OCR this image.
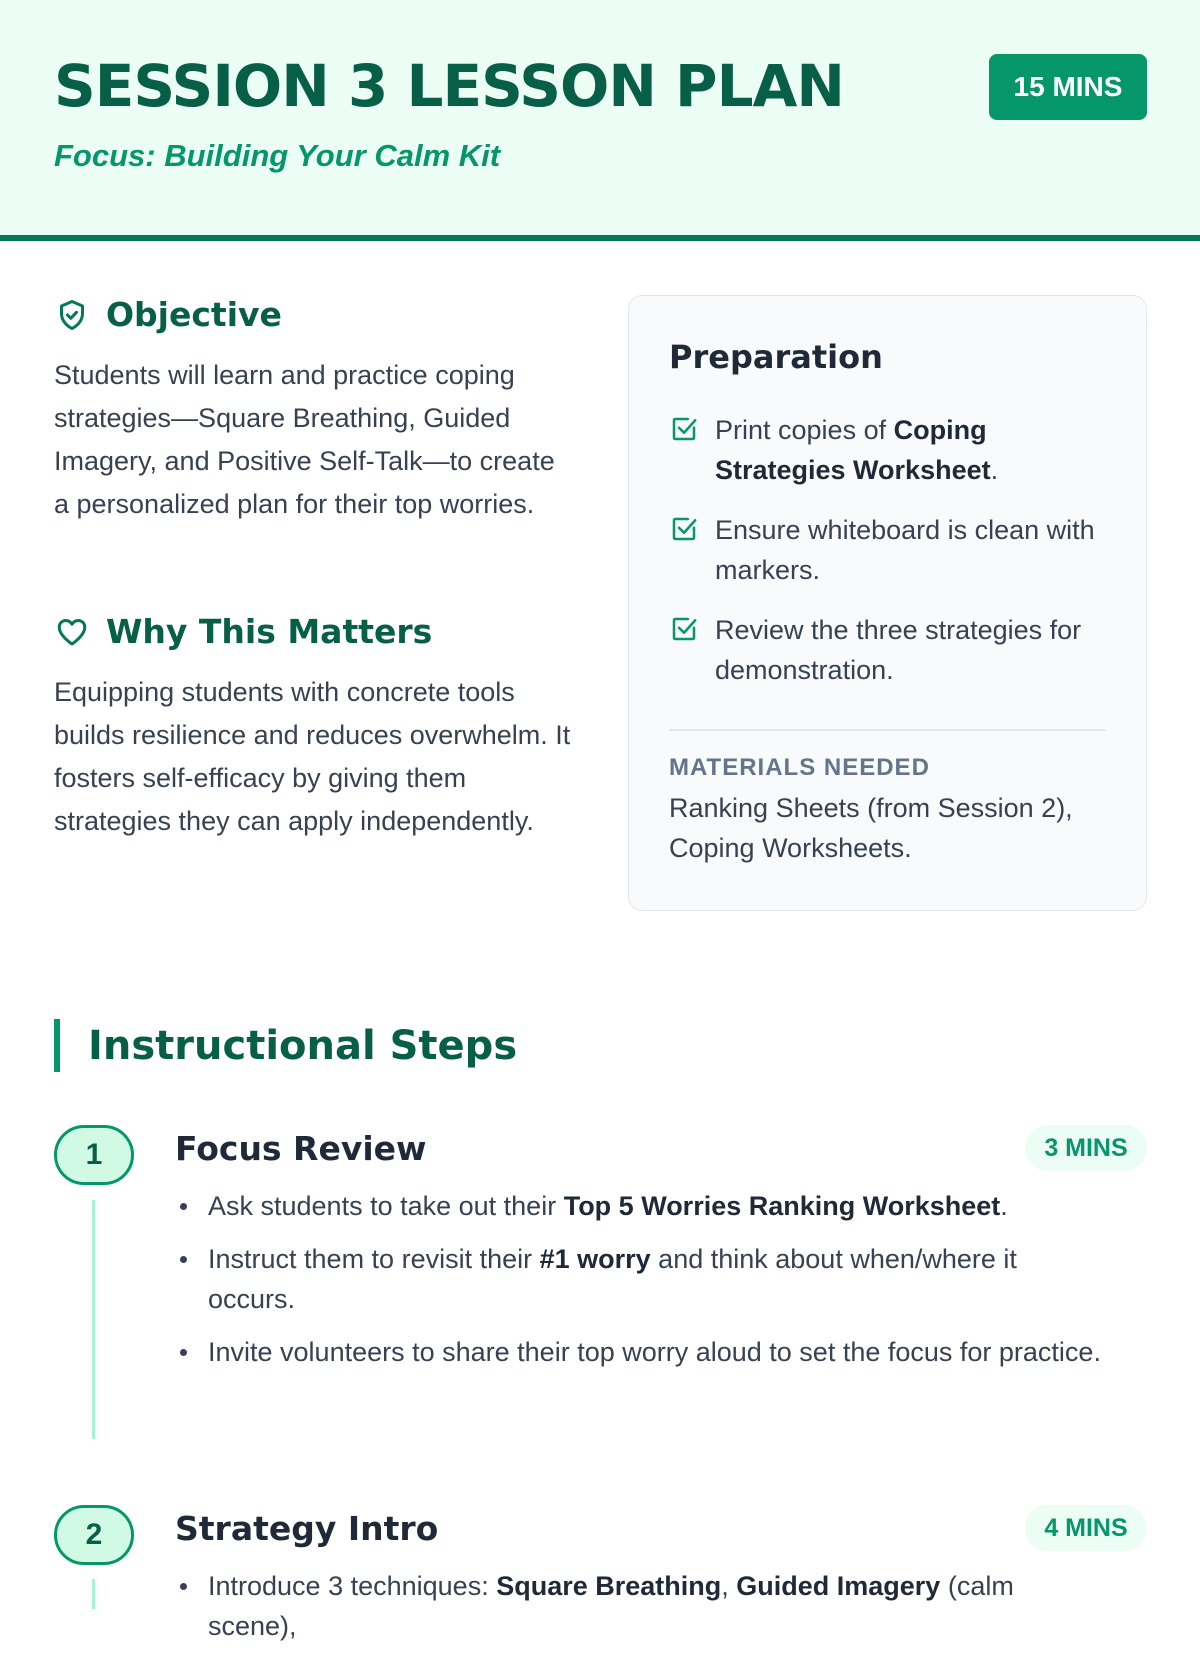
SESSION 3 LESSON PLAN
Focus: Building Your Calm Kit
15 MINS
Objective

Students will learn and practice coping strategies—Square Breathing, Guided Imagery, and Positive Self-Talk—to create a personalized plan for their top worries.

Why This Matters

Equipping students with concrete tools builds resilience and reduces overwhelm. It fosters self-efficacy by giving them strategies they can apply independently.

Preparation
Print copies of Coping Strategies Worksheet.
Ensure whiteboard is clean with markers.
Review the three strategies for demonstration.
MATERIALS NEEDED
Ranking Sheets (from Session 2), Coping Worksheets.
Instructional Steps
1	Focus Review	3 MINS
Ask students to take out their Top 5 Worries Ranking Worksheet.
Instruct them to revisit their #1 worry and think about when/where it occurs.
Invite volunteers to share their top worry aloud to set the focus for practice.
2	Strategy Intro	4 MINS
Introduce 3 techniques: Square Breathing, Guided Imagery (calm scene),
